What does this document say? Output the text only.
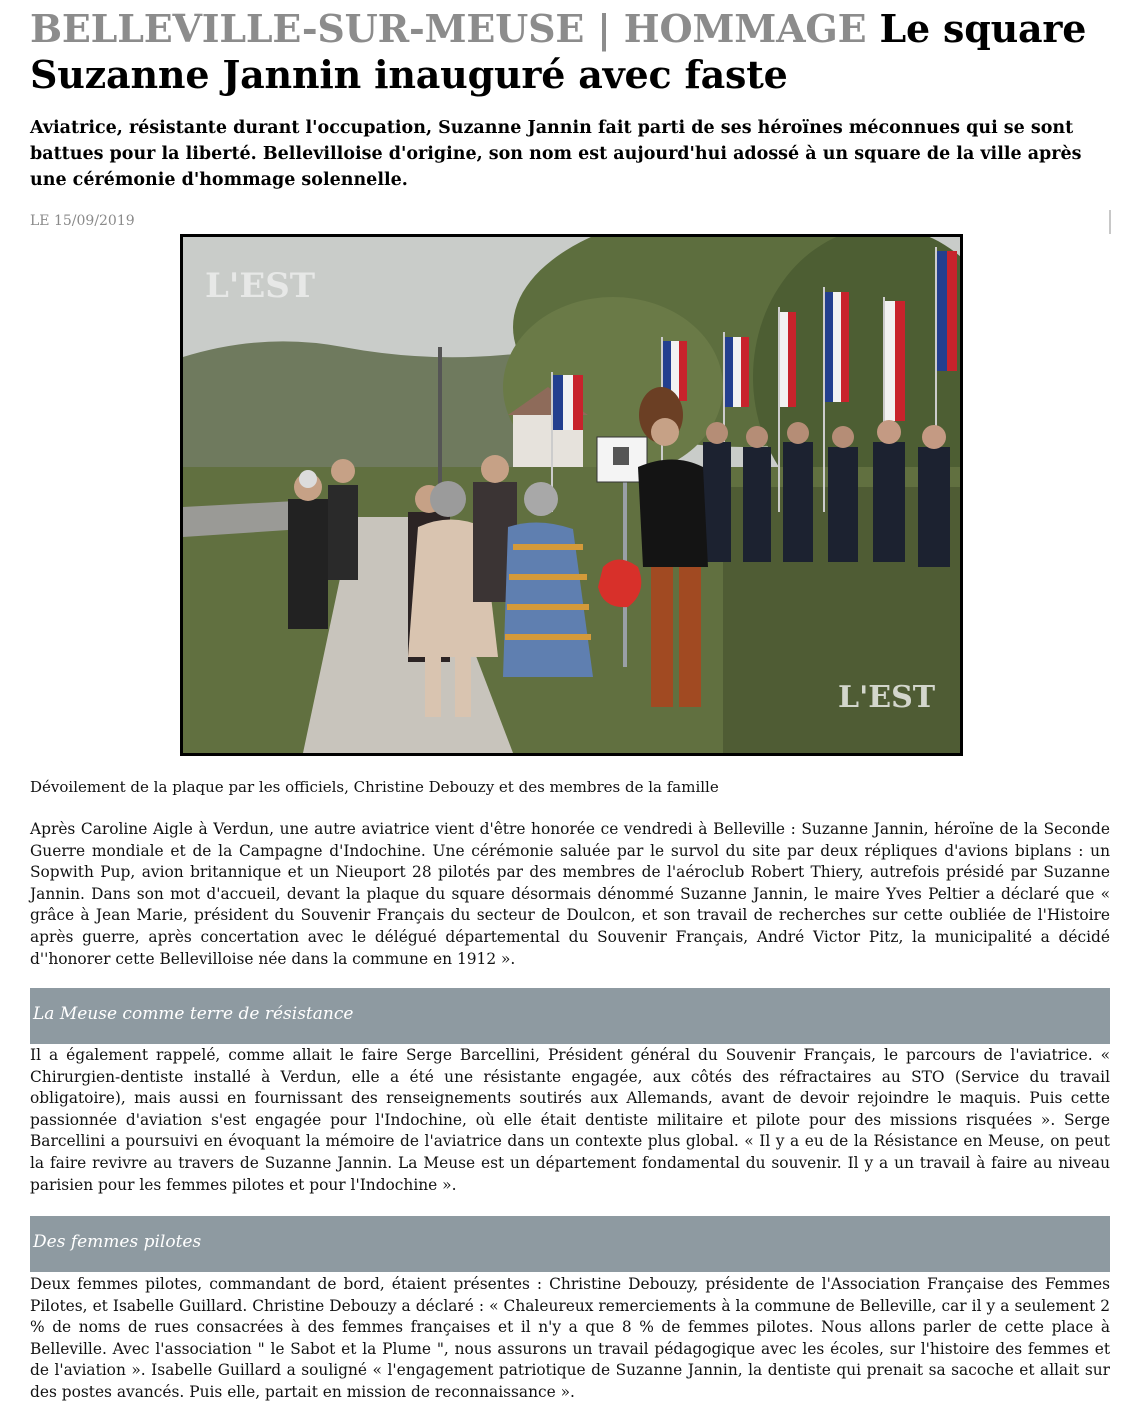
BELLEVILLE-SUR-MEUSE | HOMMAGE Le square Suzanne Jannin inauguré avec faste

Aviatrice, résistante durant l'occupation, Suzanne Jannin fait parti de ses héroïnes méconnues qui se sont battues pour la liberté. Bellevilloise d'origine, son nom est aujourd'hui adossé à un square de la ville après une cérémonie d'hommage solennelle.

LE 15/09/2019
L'EST
L'EST

Dévoilement de la plaque par les officiels, Christine Debouzy et des membres de la famille

Après Caroline Aigle à Verdun, une autre aviatrice vient d'être honorée ce vendredi à Belleville : Suzanne Jannin, héroïne de la Seconde Guerre mondiale et de la Campagne d'Indochine. Une cérémonie saluée par le survol du site par deux répliques d'avions biplans : un Sopwith Pup, avion britannique et un Nieuport 28 pilotés par des membres de l'aéroclub Robert Thiery, autrefois présidé par Suzanne Jannin. Dans son mot d'accueil, devant la plaque du square désormais dénommé Suzanne Jannin, le maire Yves Peltier a déclaré que « grâce à Jean Marie, président du Souvenir Français du secteur de Doulcon, et son travail de recherches sur cette oubliée de l'Histoire après guerre, après concertation avec le délégué départemental du Souvenir Français, André Victor Pitz, la municipalité a décidé d''honorer cette Bellevilloise née dans la commune en 1912 ».

La Meuse comme terre de résistance

Il a également rappelé, comme allait le faire Serge Barcellini, Président général du Souvenir Français, le parcours de l'aviatrice. « Chirurgien-dentiste installé à Verdun, elle a été une résistante engagée, aux côtés des réfractaires au STO (Service du travail obligatoire), mais aussi en fournissant des renseignements soutirés aux Allemands, avant de devoir rejoindre le maquis. Puis cette passionnée d'aviation s'est engagée pour l'Indochine, où elle était dentiste militaire et pilote pour des missions risquées ». Serge Barcellini a poursuivi en évoquant la mémoire de l'aviatrice dans un contexte plus global. « Il y a eu de la Résistance en Meuse, on peut la faire revivre au travers de Suzanne Jannin. La Meuse est un département fondamental du souvenir. Il y a un travail à faire au niveau parisien pour les femmes pilotes et pour l'Indochine ».

Des femmes pilotes

Deux femmes pilotes, commandant de bord, étaient présentes : Christine Debouzy, présidente de l'Association Française des Femmes Pilotes, et Isabelle Guillard. Christine Debouzy a déclaré : « Chaleureux remerciements à la commune de Belleville, car il y a seulement 2 % de noms de rues consacrées à des femmes françaises et il n'y a que 8 % de femmes pilotes. Nous allons parler de cette place à Belleville. Avec l'association " le Sabot et la Plume ", nous assurons un travail pédagogique avec les écoles, sur l'histoire des femmes et de l'aviation ». Isabelle Guillard a souligné « l'engagement patriotique de Suzanne Jannin, la dentiste qui prenait sa sacoche et allait sur des postes avancés. Puis elle, partait en mission de reconnaissance ».
